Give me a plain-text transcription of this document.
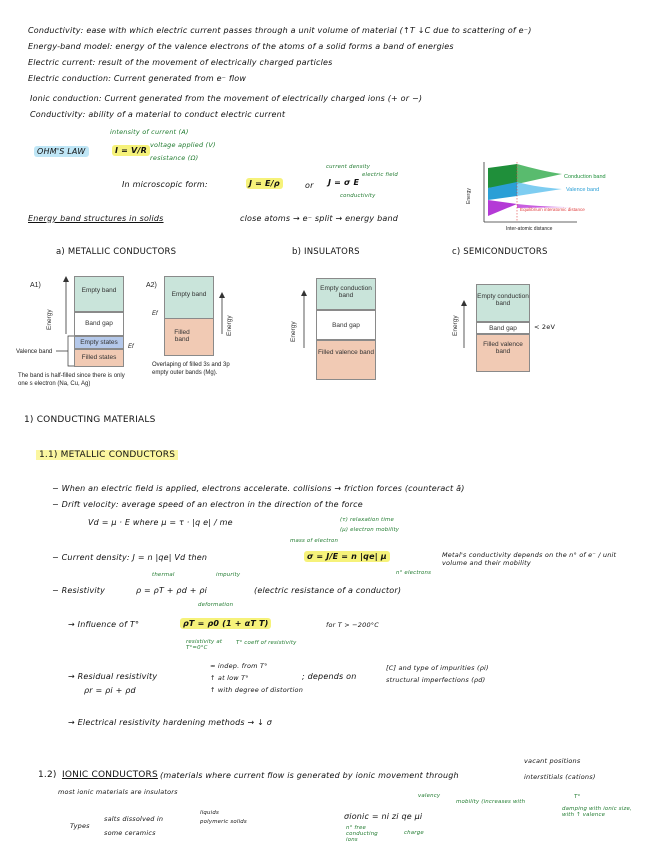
Conductivity: ease with which electric current passes through a unit volume of material (↑T ↓C due to scattering of e⁻)
Energy-band model: energy of the valence electrons of the atoms of a solid forms a band of energies
Electric current: result of the movement of electrically charged particles
Electric conduction: Current generated from e⁻ flow
Ionic conduction: Current generated from the movement of electrically charged ions (+ or −)
Conductivity: ability of a material to conduct electric current
intensity of current (A)
OHM'S LAW	I = V/R
voltage applied (V)
resistance (Ω)
In microscopic form:	J = E/ρ	or J = σ E
current density
electric field
conductivity
Conduction band
Valence band
Equilibrium interatomic distance
Energy
Inter-atomic distance
Energy band structures in solids	close atoms → e⁻ split → energy band
a) METALLIC CONDUCTORS	b) INSULATORS	c) SEMICONDUCTORS
A1)
Empty band
Band gap
Empty states
Filled states
Ef
Valence band
Energy
The band is half-filled since there is only one s electron (Na, Cu, Ag)
A2)
Empty band
Filled band
Ef
Energy
Overlaping of filled 3s and 3p empty outer bands (Mg).
Empty conduction band
Band gap
Filled valence band
Energy
Empty conduction band
Band gap
Filled valence band
< 2eV
Energy
1) CONDUCTING MATERIALS
1.1) METALLIC CONDUCTORS
− When an electric field is applied, electrons accelerate. collisions → friction forces (counteract ā)
− Drift velocity: average speed of an electron in the direction of the force
Vd = μ · E where μ = τ · |q e| / me	(τ) relaxation time
(μ) electron mobility
mass of electron
− Current density: J = n |qe| Vd then	σ = J/E = n |qe| μ
n° electrons
Metal's conductivity depends on the n° of e⁻ / unit volume and their mobility
− Resistivity
thermal	impurity
ρ = ρT + ρd + ρi
deformation
(electric resistance of a conductor)
→ Influence of T°	ρT = ρ0 (1 + αT T)	for T > −200°C
resistivity at T°=0°C
T° coeff of resistivity
→ Residual resistivity
≈ indep. from T°
↑ at low T°
↑ with degree of distortion
ρr = ρi + ρd
; depends on
[C] and type of impurities (ρi)
structural imperfections (ρd)
→ Electrical resistivity hardening methods → ↓ σ
1.2) IONIC CONDUCTORS (materials where current flow is generated by ionic movement through
vacant positions
interstitials (cations)
most ionic materials are insulators
σionic = ni zi qe μi
valency
mobility (increases with
T°
damping with ionic size, with ↑ valence
n° free conducting ions
charge
Types
salts dissolved in
liquids
polymeric solids
some ceramics
